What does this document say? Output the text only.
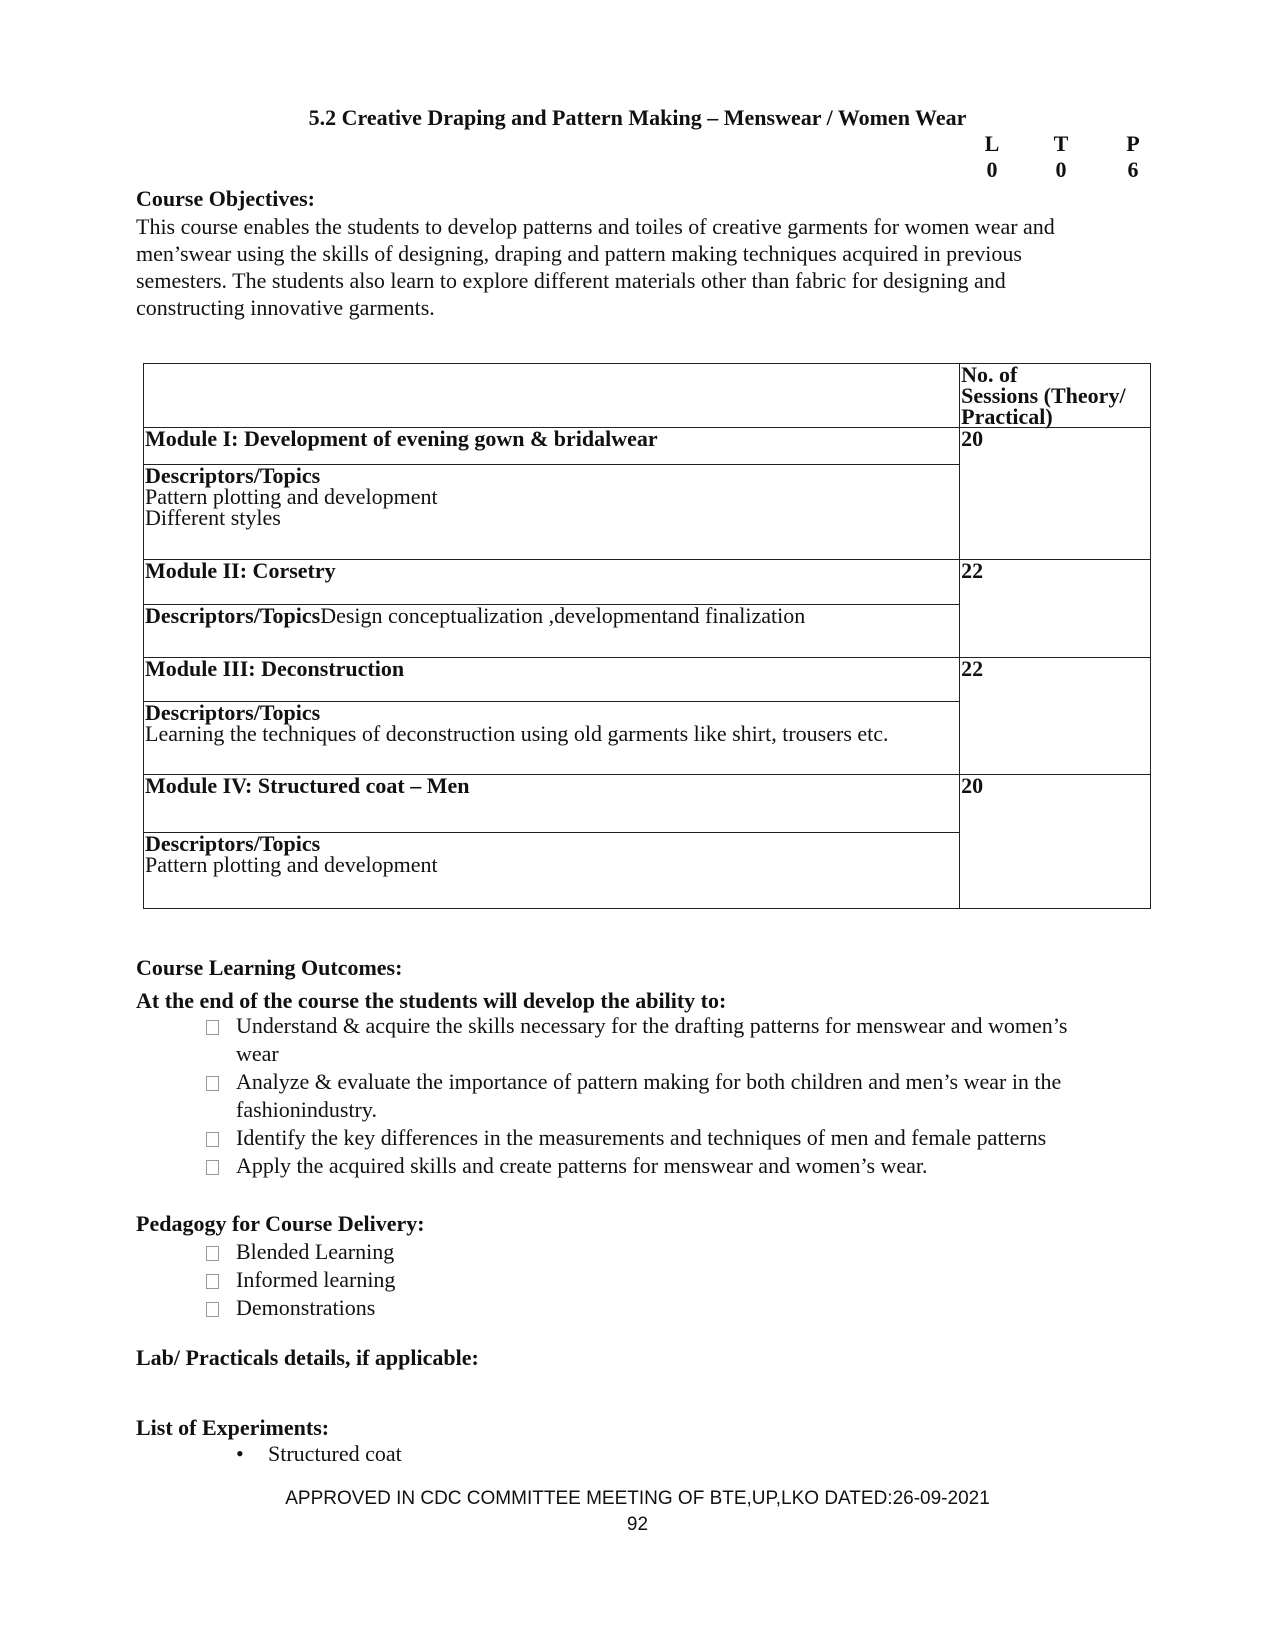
5.2 Creative Draping and Pattern Making – Menswear / Women Wear
L	T	P
0	0	6
Course Objectives:
This course enables the students to develop patterns and toiles of creative garments for women wear and
men’swear using the skills of designing, draping and pattern making techniques acquired in previous
semesters. The students also learn to explore different materials other than fabric for designing and
constructing innovative garments.

	No. of
Sessions (Theory/
Practical)

Module I: Development of evening gown & bridalwear	20

Descriptors/Topics
Pattern plotting and development
Different styles	

Module II: Corsetry	22
Descriptors/TopicsDesign conceptualization ,developmentand finalization	
Module III: Deconstruction	22

Descriptors/Topics
Learning the techniques of deconstruction using old garments like shirt, trousers etc.	

Module IV: Structured coat – Men	20

Descriptors/Topics
Pattern plotting and development	
Course Learning Outcomes:
At the end of the course the students will develop the ability to:
Understand & acquire the skills necessary for the drafting patterns for menswear and women’s
wear
Analyze & evaluate the importance of pattern making for both children and men’s wear in the
fashionindustry.
Identify the key differences in the measurements and techniques of men and female patterns
Apply the acquired skills and create patterns for menswear and women’s wear.
Pedagogy for Course Delivery:
Blended Learning
Informed learning
Demonstrations
Lab/ Practicals details, if applicable:
List of Experiments:
• Structured coat
APPROVED IN CDC COMMITTEE MEETING OF BTE,UP,LKO DATED:26-09-2021
92
